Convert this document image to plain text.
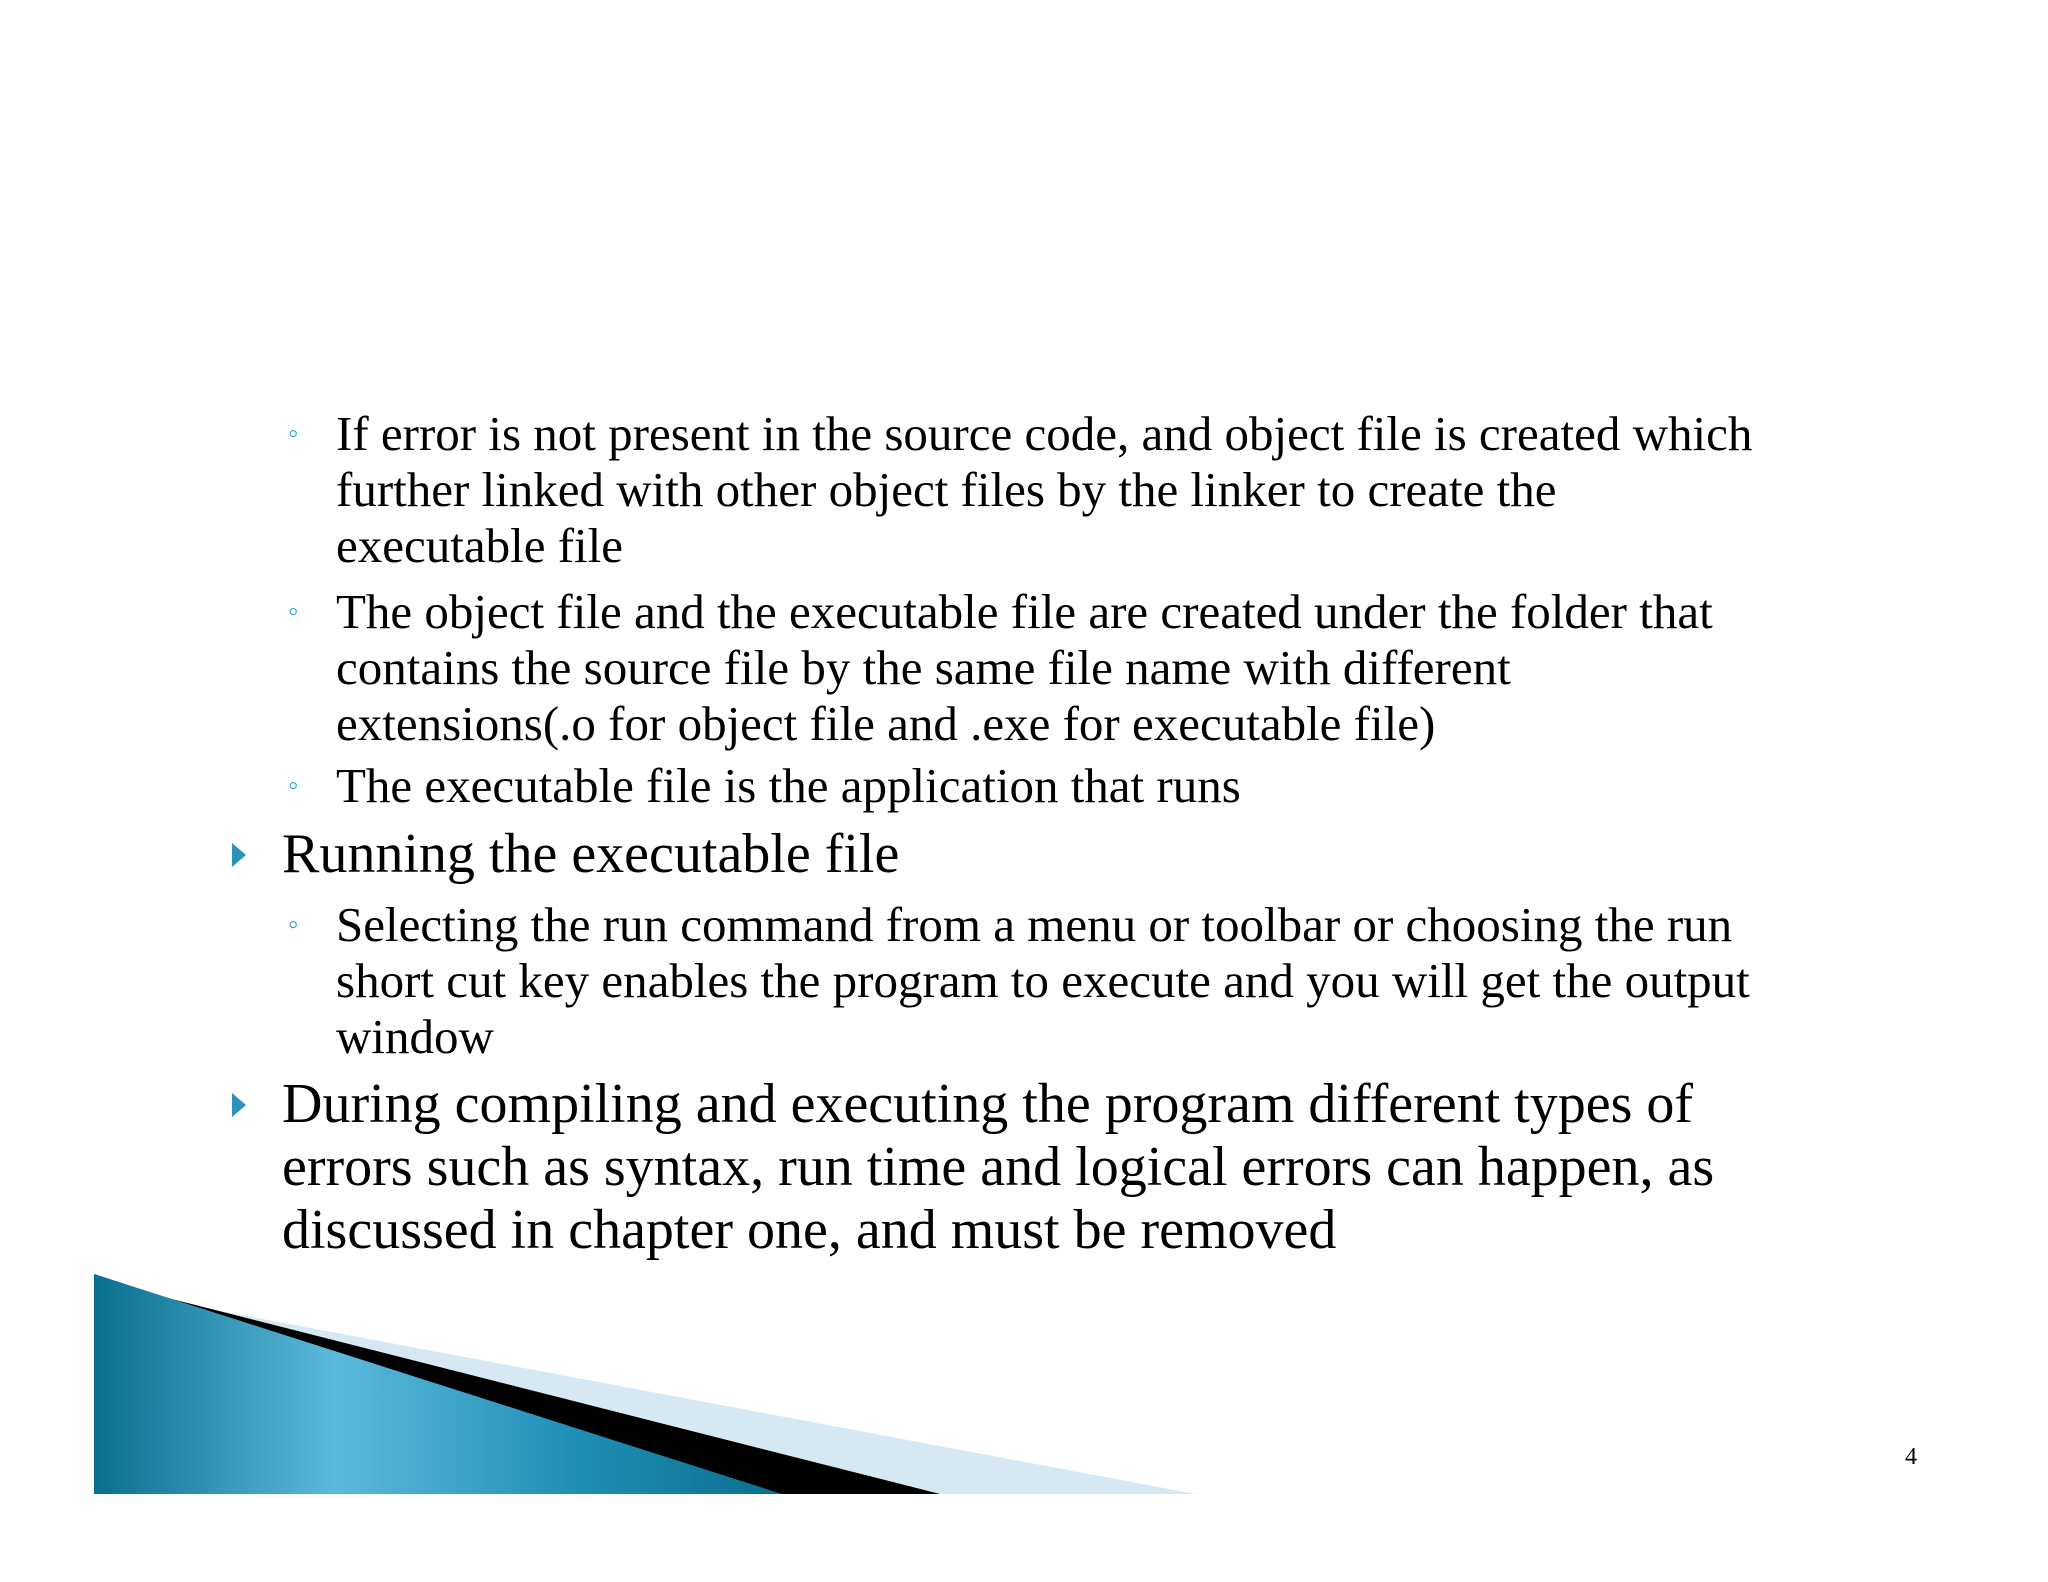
◦ If error is not present in the source code, and object file is created which
further linked with other object files by the linker to create the
executable file
◦ The object file and the executable file are created under the folder that
contains the source file by the same file name with different
extensions(.o for object file and .exe for executable file)
◦ The executable file is the application that runs
Running the executable file
◦ Selecting the run command from a menu or toolbar or choosing the run
short cut key enables the program to execute and you will get the output
window
During compiling and executing the program different types of
errors such as syntax, run time and logical errors can happen, as
discussed in chapter one, and must be removed
4
